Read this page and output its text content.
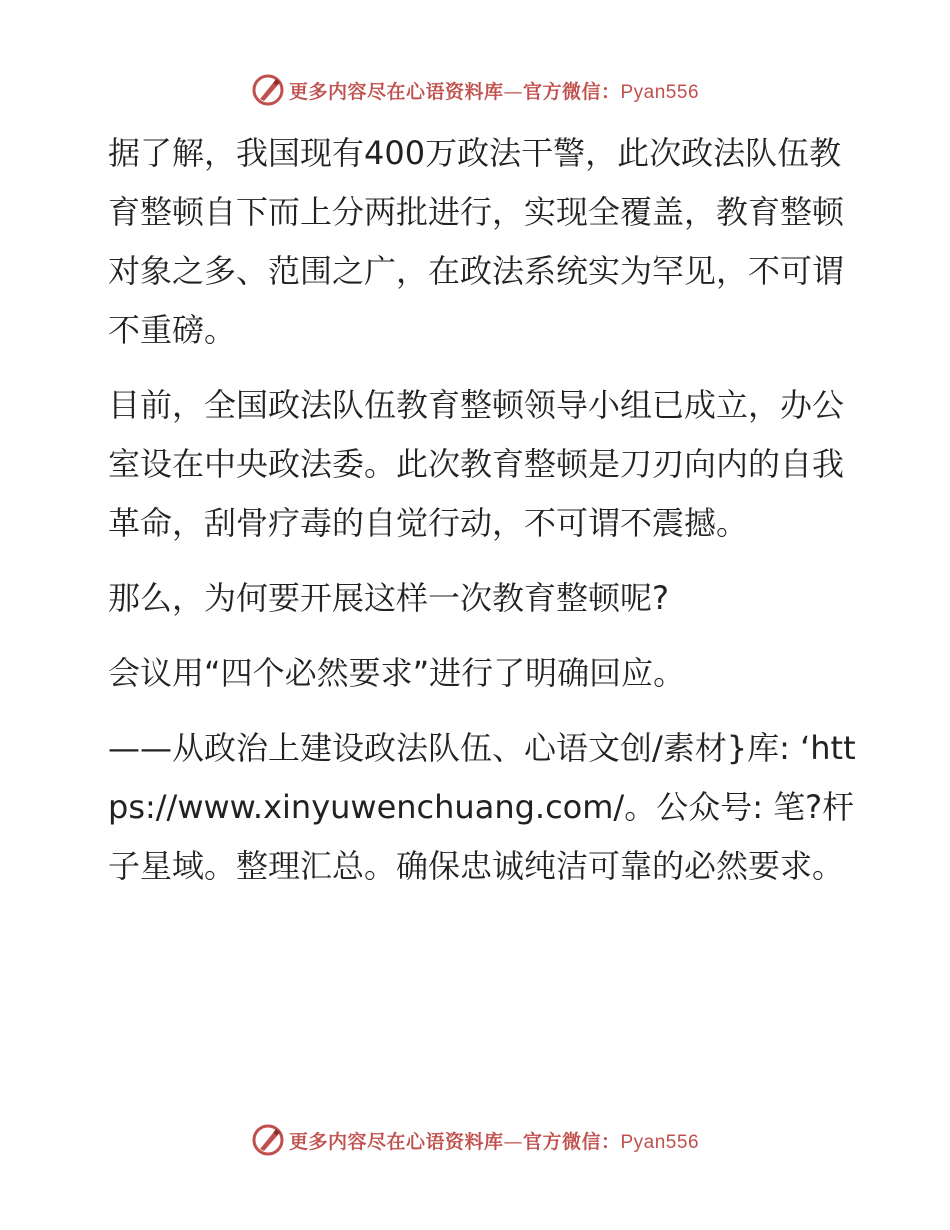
更多内容尽在心语资料库—官方微信：Pyan556

据了解，我国现有400万政法干警，此次政法队伍教育整顿自下而上分两批进行，实现全覆盖，教育整顿对象之多、范围之广，在政法系统实为罕见，不可谓不重磅。

目前，全国政法队伍教育整顿领导小组已成立，办公室设在中央政法委。此次教育整顿是刀刃向内的自我革命，刮骨疗毒的自觉行动，不可谓不震撼。

那么，为何要开展这样一次教育整顿呢?

会议用“四个必然要求”进行了明确回应。

——从政治上建设政法队伍、心语文创/素材}库: ‘https://www.xinyuwenchuang.com/。公众号: 笔?杆子星域。整理汇总。确保忠诚纯洁可靠的必然要求。

更多内容尽在心语资料库—官方微信：Pyan556
